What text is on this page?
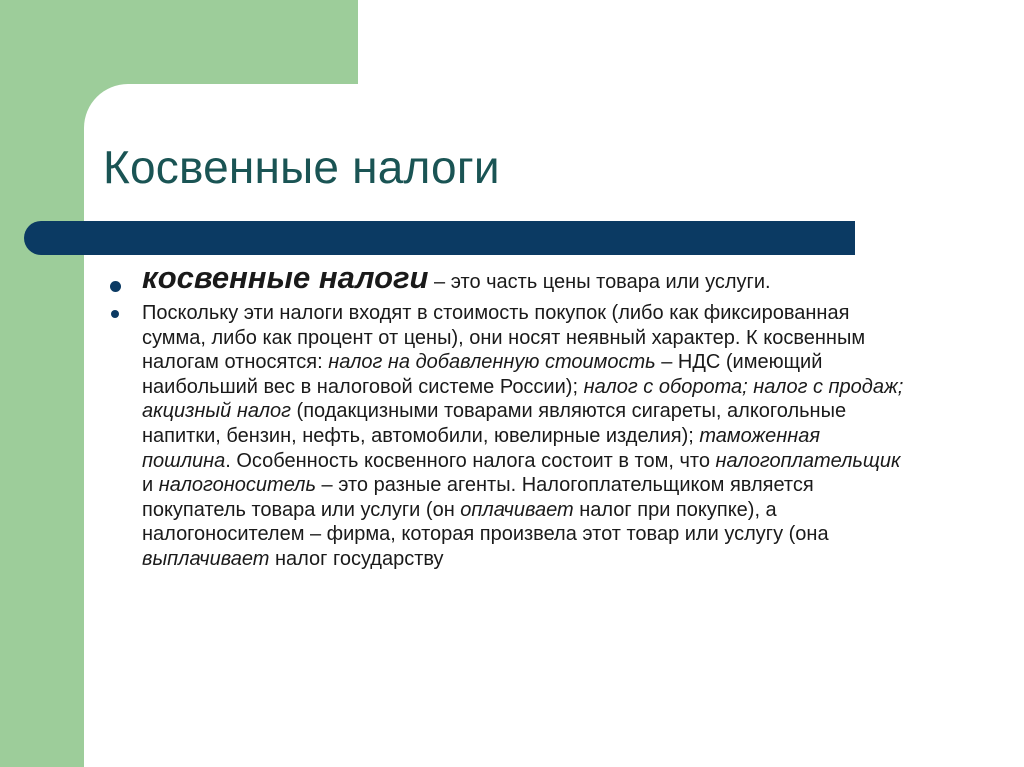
Косвенные налоги
косвенные налоги – это часть цены товара или услуги.
Поскольку эти налоги входят в стоимость покупок (либо как фиксированная сумма, либо как процент от цены), они носят неявный характер. К косвенным налогам относятся: налог на добавленную стоимость – НДС (имеющий наибольший вес в налоговой системе России); налог с оборота; налог с продаж; акцизный налог (подакцизными товарами являются сигареты, алкогольные напитки, бензин, нефть, автомобили, ювелирные изделия); таможенная пошлина. Особенность косвенного налога состоит в том, что налогоплательщик и налогоноситель – это разные агенты. Налогоплательщиком является покупатель товара или услуги (он оплачивает налог при покупке), а налогоносителем – фирма, которая произвела этот товар или услугу (она выплачивает налог государству
